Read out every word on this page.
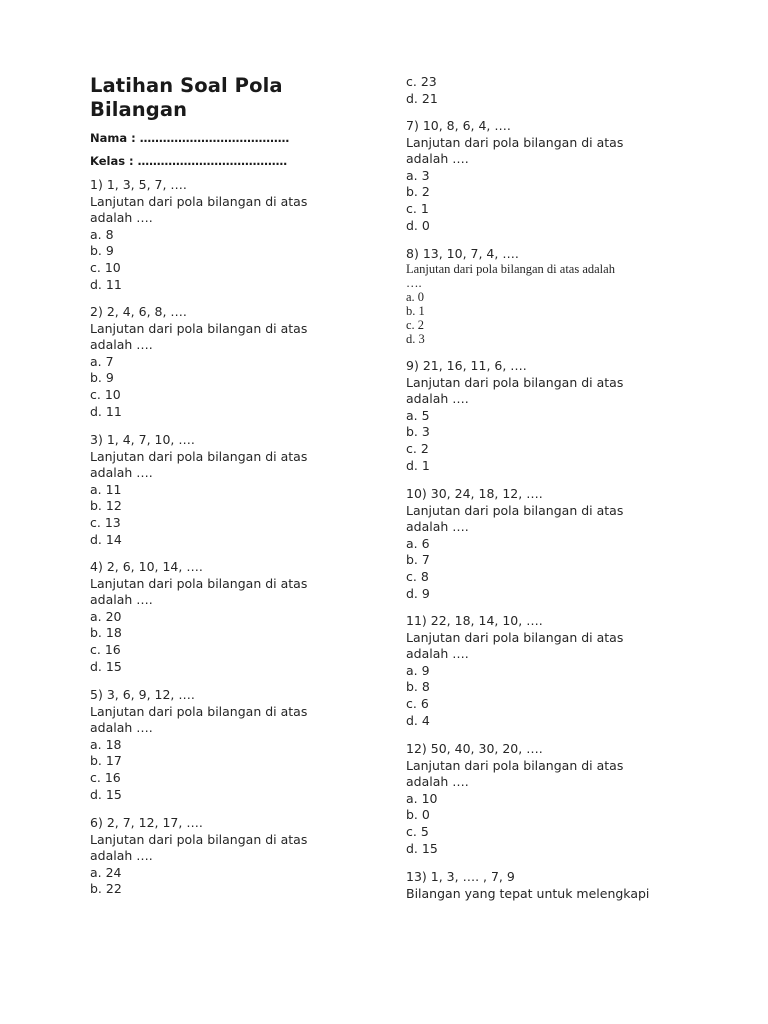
Latihan Soal Pola
Bilangan
Nama : …………………………………
Kelas : …………………………………
1) 1, 3, 5, 7, ….
Lanjutan dari pola bilangan di atas
adalah ….
a. 8
b. 9
c. 10
d. 11
2) 2, 4, 6, 8, ….
Lanjutan dari pola bilangan di atas
adalah ….
a. 7
b. 9
c. 10
d. 11
3) 1, 4, 7, 10, ….
Lanjutan dari pola bilangan di atas
adalah ….
a. 11
b. 12
c. 13
d. 14
4) 2, 6, 10, 14, ….
Lanjutan dari pola bilangan di atas
adalah ….
a. 20
b. 18
c. 16
d. 15
5) 3, 6, 9, 12, ….
Lanjutan dari pola bilangan di atas
adalah ….
a. 18
b. 17
c. 16
d. 15
6) 2, 7, 12, 17, ….
Lanjutan dari pola bilangan di atas
adalah ….
a. 24
b. 22
c. 23
d. 21
7) 10, 8, 6, 4, ….
Lanjutan dari pola bilangan di atas
adalah ….
a. 3
b. 2
c. 1
d. 0
8) 13, 10, 7, 4, ….
Lanjutan dari pola bilangan di atas adalah
….
a. 0
b. 1
c. 2
d. 3
9) 21, 16, 11, 6, ….
Lanjutan dari pola bilangan di atas
adalah ….
a. 5
b. 3
c. 2
d. 1
10) 30, 24, 18, 12, ….
Lanjutan dari pola bilangan di atas
adalah ….
a. 6
b. 7
c. 8
d. 9
11) 22, 18, 14, 10, ….
Lanjutan dari pola bilangan di atas
adalah ….
a. 9
b. 8
c. 6
d. 4
12) 50, 40, 30, 20, ….
Lanjutan dari pola bilangan di atas
adalah ….
a. 10
b. 0
c. 5
d. 15
13) 1, 3, …. , 7, 9
Bilangan yang tepat untuk melengkapi
